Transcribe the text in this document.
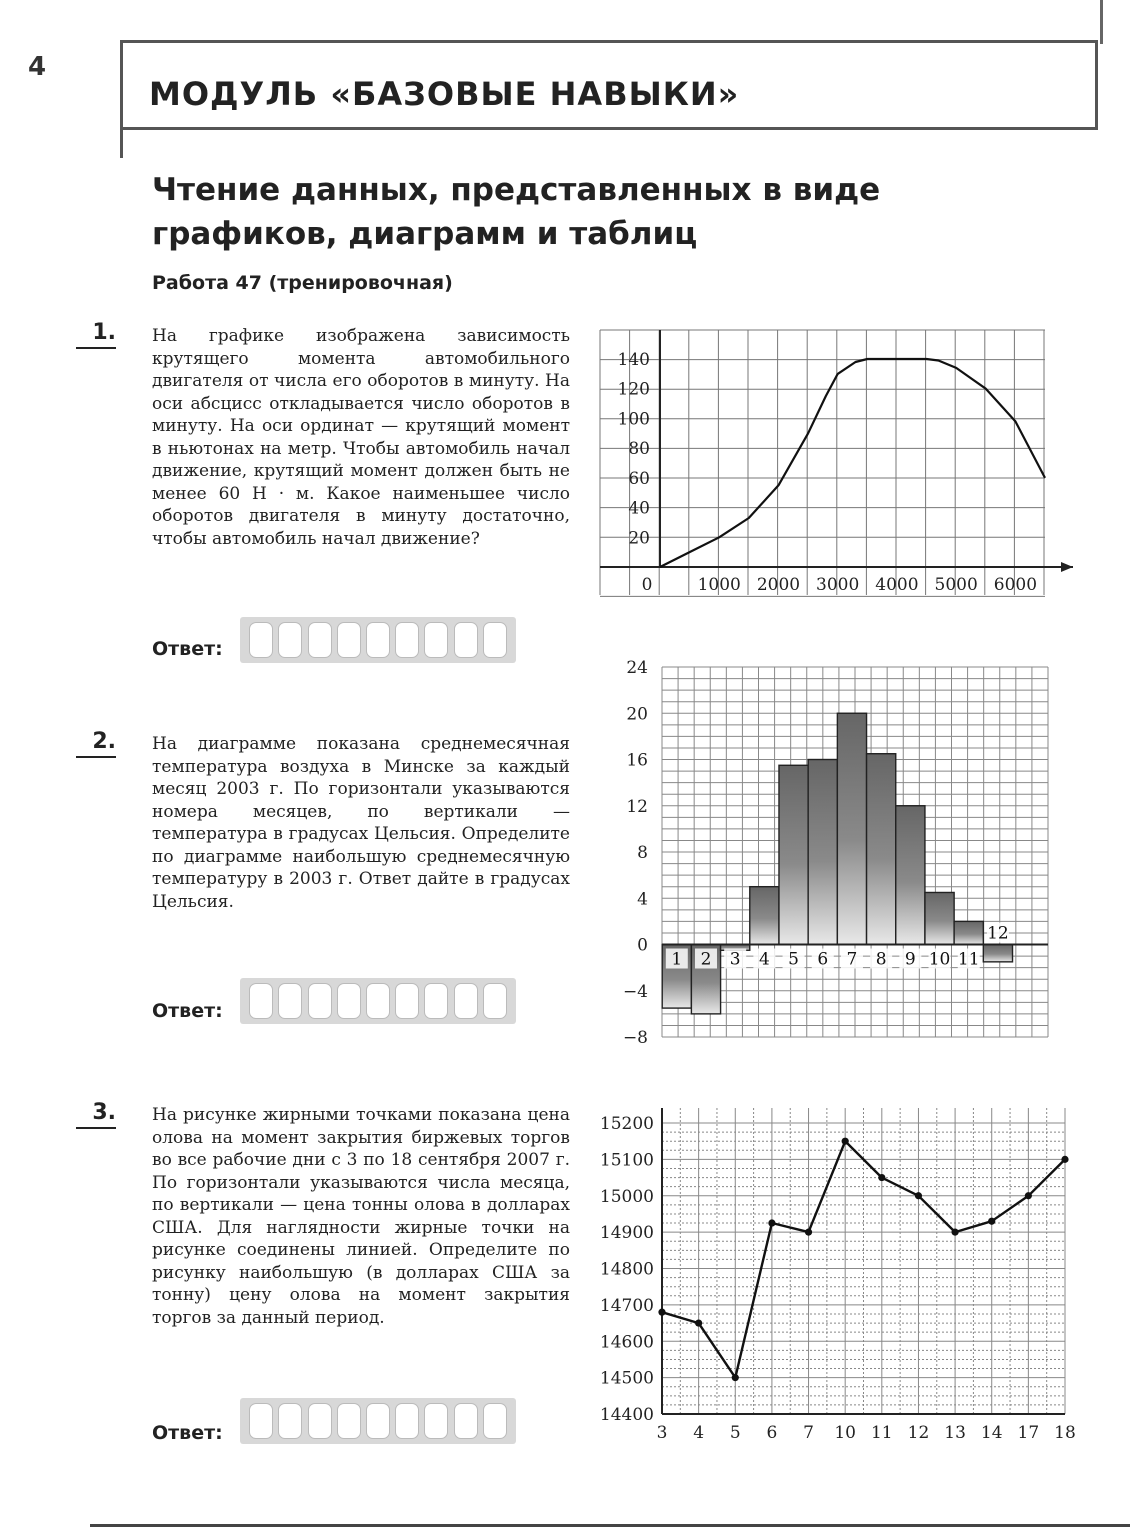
4
МОДУЛЬ «БАЗОВЫЕ НАВЫКИ»
Чтение данных, представленных в виде
графиков, диаграмм и таблиц
Работа 47 (тренировочная)
1. На графике изображена зависимость крутящего момента автомобильного двигателя от числа его оборотов в минуту. На оси абсцисс откладывается число оборотов в минуту. На оси ординат — крутящий момент в ньютонах на метр. Чтобы автомобиль начал движение, крутящий момент должен быть не менее 60 Н · м. Какое наименьшее число оборотов двигателя в минуту достаточно, чтобы автомобиль начал движение?
Ответ:
2. На диаграмме показана среднемесячная температура воздуха в Минске за каждый месяц 2003 г. По горизонтали указываются номера месяцев, по вертикали — температура в градусах Цельсия. Определите по диаграмме наибольшую среднемесячную температуру в 2003 г. Ответ дайте в градусах Цельсия.
Ответ:
3. На рисунке жирными точками показана цена олова на момент закрытия биржевых торгов во все рабочие дни с 3 по 18 сентября 2007 г. По горизонтали указываются числа месяца, по вертикали — цена тонны олова в долларах США. Для наглядности жирные точки на рисунке соединены линией. Определите по рисунку наибольшую (в долларах США за тонну) цену олова на момент закрытия торгов за данный период.
Ответ:
20
40
60
80
100
120
140
0	1000 2000 3000 4000 5000 6000
−8
−4
0
4
8
12
16
20
24
1 2 3 4 5 6 7 8 9 10 11
12
14400
14500
14600
14700
14800
14900
15000
15100
15200
3 4 5 6 7 10 11 12 13 14 17 18
